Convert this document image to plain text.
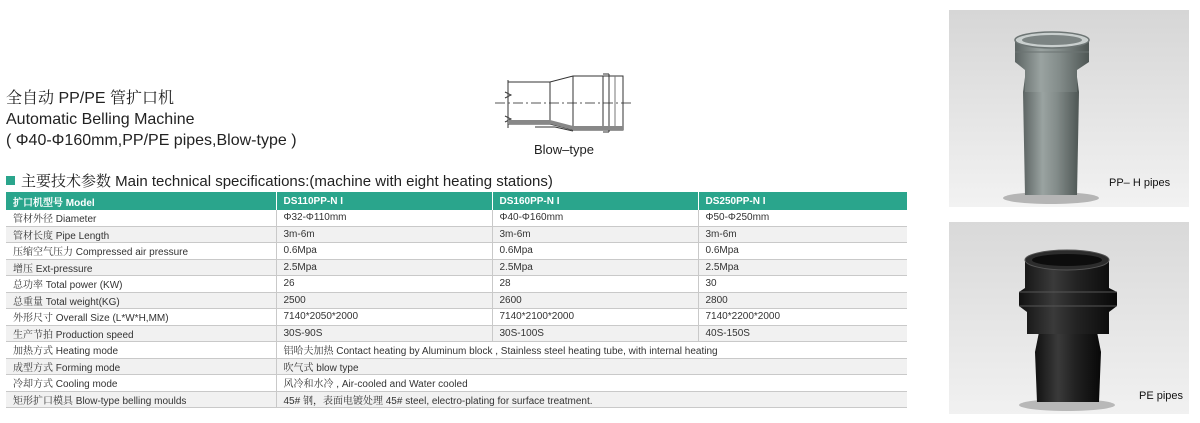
全自动 PP/PE 管扩口机
Automatic Belling Machine
( Φ40-Φ160mm,PP/PE pipes,Blow-type )
Blow–type
主要技术参数 Main technical specifications:(machine with eight heating stations)
扩口机型号 Model	DS110PP-N I	DS160PP-N I	DS250PP-N I
管材外径 Diameter	Φ32-Φ110mm	Φ40-Φ160mm	Φ50-Φ250mm
管材长度 Pipe Length	3m-6m	3m-6m	3m-6m
压缩空气压力 Compressed air pressure	0.6Mpa	0.6Mpa	0.6Mpa
增压 Ext-pressure	2.5Mpa	2.5Mpa	2.5Mpa
总功率 Total power (KW)	26	28	30
总重量 Total weight(KG)	2500	2600	2800
外形尺寸 Overall Size (L*W*H,MM)	7140*2050*2000	7140*2100*2000	7140*2200*2000
生产节拍 Production speed	30S-90S	30S-100S	40S-150S
加热方式 Heating mode	铝哈夫加热 Contact heating by Aluminum block , Stainless steel heating tube, with internal heating		
成型方式 Forming mode	吹气式 blow type		
冷却方式 Cooling mode	风冷和水冷 , Air-cooled and Water cooled		
矩形扩口模具 Blow-type belling moulds	45# 钢，表面电镀处理 45# steel, electro-plating for surface treatment.		
PP– H pipes
PE pipes
